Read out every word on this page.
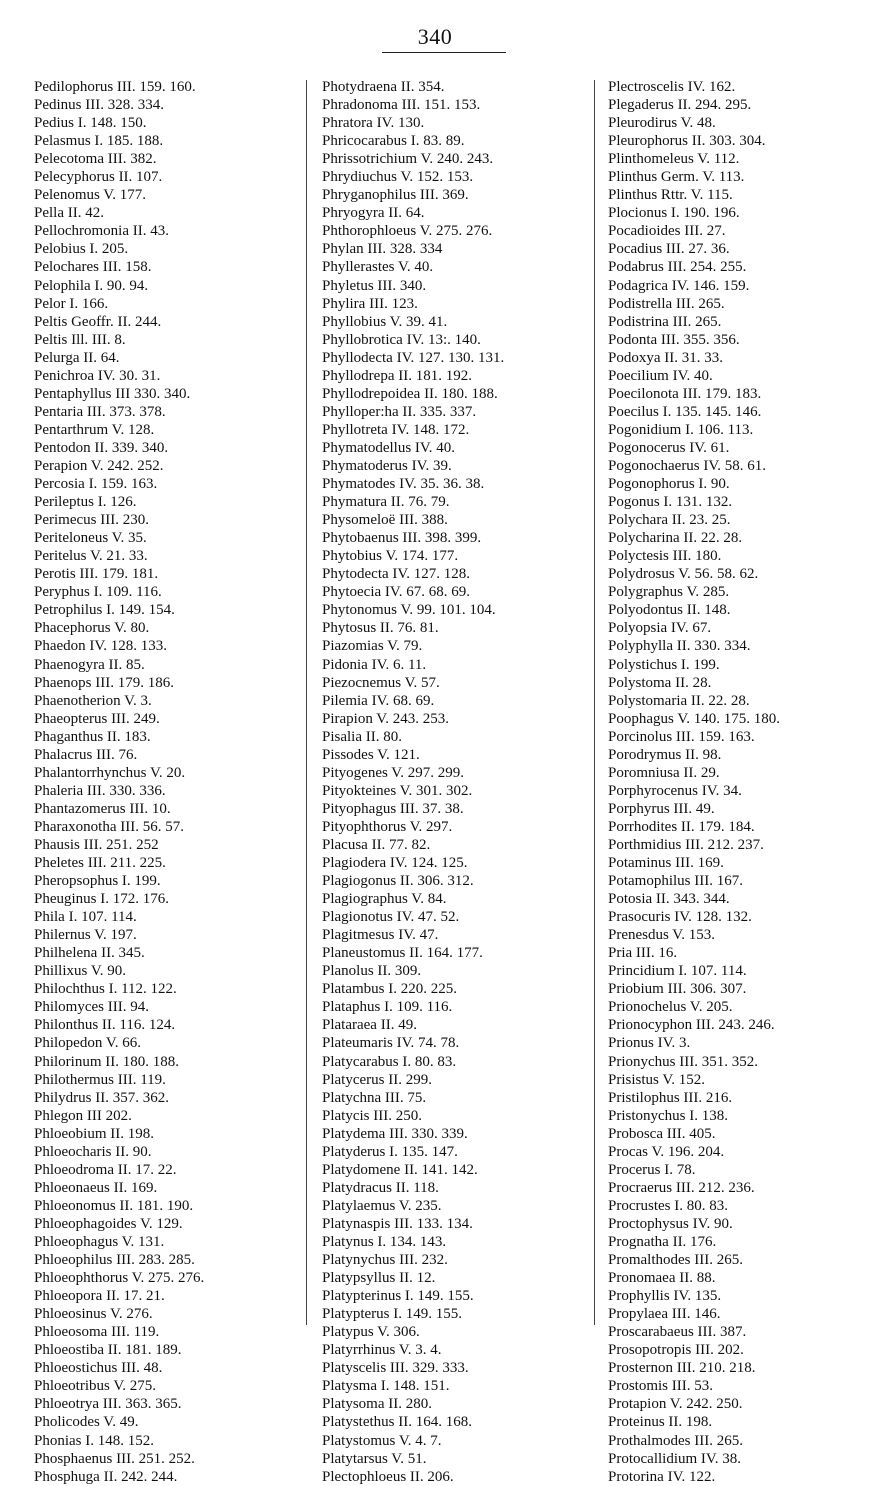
340
Pedilophorus III. 159. 160.
Pedinus III. 328. 334.
Pedius I. 148. 150.
Pelasmus I. 185. 188.
Pelecotoma III. 382.
Pelecyphorus II. 107.
Pelenomus V. 177.
Pella II. 42.
Pellochromonia II. 43.
Pelobius I. 205.
Pelochares III. 158.
Pelophila I. 90. 94.
Pelor I. 166.
Peltis Geoffr. II. 244.
Peltis Ill. III. 8.
Pelurga II. 64.
Penichroa IV. 30. 31.
Pentaphyllus III 330. 340.
Pentaria III. 373. 378.
Pentarthrum V. 128.
Pentodon II. 339. 340.
Perapion V. 242. 252.
Percosia I. 159. 163.
Perileptus I. 126.
Perimecus III. 230.
Periteloneus V. 35.
Peritelus V. 21. 33.
Perotis III. 179. 181.
Peryphus I. 109. 116.
Petrophilus I. 149. 154.
Phacephorus V. 80.
Phaedon IV. 128. 133.
Phaenogyra II. 85.
Phaenops III. 179. 186.
Phaenotherion V. 3.
Phaeopterus III. 249.
Phaganthus II. 183.
Phalacrus III. 76.
Phalantorrhynchus V. 20.
Phaleria III. 330. 336.
Phantazomerus III. 10.
Pharaxonotha III. 56. 57.
Phausis III. 251. 252
Pheletes III. 211. 225.
Pheropsophus I. 199.
Pheuginus I. 172. 176.
Phila I. 107. 114.
Philernus V. 197.
Philhelena II. 345.
Phillixus V. 90.
Philochthus I. 112. 122.
Philomyces III. 94.
Philonthus II. 116. 124.
Philopedon V. 66.
Philorinum II. 180. 188.
Philothermus III. 119.
Philydrus II. 357. 362.
Phlegon III 202.
Phloeobium II. 198.
Phloeocharis II. 90.
Phloeodroma II. 17. 22.
Phloeonaeus II. 169.
Phloeonomus II. 181. 190.
Phloeophagoides V. 129.
Phloeophagus V. 131.
Phloeophilus III. 283. 285.
Phloeophthorus V. 275. 276.
Phloeopora II. 17. 21.
Phloeosinus V. 276.
Phloeosoma III. 119.
Phloeostiba II. 181. 189.
Phloeostichus III. 48.
Phloeotribus V. 275.
Phloeotrya III. 363. 365.
Pholicodes V. 49.
Phonias I. 148. 152.
Phosphaenus III. 251. 252.
Phosphuga II. 242. 244.
Photydraena II. 354.
Phradonoma III. 151. 153.
Phratora IV. 130.
Phricocarabus I. 83. 89.
Phrissotrichium V. 240. 243.
Phrydiuchus V. 152. 153.
Phryganophilus III. 369.
Phryogyra II. 64.
Phthorophloeus V. 275. 276.
Phylan III. 328. 334
Phyllerastes V. 40.
Phyletus III. 340.
Phylira III. 123.
Phyllobius V. 39. 41.
Phyllobrotica IV. 13:. 140.
Phyllodecta IV. 127. 130. 131.
Phyllodrepa II. 181. 192.
Phyllodrepoidea II. 180. 188.
Phylloper:ha II. 335. 337.
Phyllotreta IV. 148. 172.
Phymatodellus IV. 40.
Phymatoderus IV. 39.
Phymatodes IV. 35. 36. 38.
Phymatura II. 76. 79.
Physomeloë III. 388.
Phytobaenus III. 398. 399.
Phytobius V. 174. 177.
Phytodecta IV. 127. 128.
Phytoecia IV. 67. 68. 69.
Phytonomus V. 99. 101. 104.
Phytosus II. 76. 81.
Piazomias V. 79.
Pidonia IV. 6. 11.
Piezocnemus V. 57.
Pilemia IV. 68. 69.
Pirapion V. 243. 253.
Pisalia II. 80.
Pissodes V. 121.
Pityogenes V. 297. 299.
Pityokteines V. 301. 302.
Pityophagus III. 37. 38.
Pityophthorus V. 297.
Placusa II. 77. 82.
Plagiodera IV. 124. 125.
Plagiogonus II. 306. 312.
Plagiographus V. 84.
Plagionotus IV. 47. 52.
Plagitmesus IV. 47.
Planeustomus II. 164. 177.
Planolus II. 309.
Platambus I. 220. 225.
Plataphus I. 109. 116.
Plataraea II. 49.
Plateumaris IV. 74. 78.
Platycarabus I. 80. 83.
Platycerus II. 299.
Platychna III. 75.
Platycis III. 250.
Platydema III. 330. 339.
Platyderus I. 135. 147.
Platydomene II. 141. 142.
Platydracus II. 118.
Platylaemus V. 235.
Platynaspis III. 133. 134.
Platynus I. 134. 143.
Platynychus III. 232.
Platypsyllus II. 12.
Platypterinus I. 149. 155.
Platypterus I. 149. 155.
Platypus V. 306.
Platyrrhinus V. 3. 4.
Platyscelis III. 329. 333.
Platysma I. 148. 151.
Platysoma II. 280.
Platystethus II. 164. 168.
Platystomus V. 4. 7.
Platytarsus V. 51.
Plectophloeus II. 206.
Plectroscelis IV. 162.
Plegaderus II. 294. 295.
Pleurodirus V. 48.
Pleurophorus II. 303. 304.
Plinthomeleus V. 112.
Plinthus Germ. V. 113.
Plinthus Rttr. V. 115.
Plocionus I. 190. 196.
Pocadioides III. 27.
Pocadius III. 27. 36.
Podabrus III. 254. 255.
Podagrica IV. 146. 159.
Podistrella III. 265.
Podistrina III. 265.
Podonta III. 355. 356.
Podoxya II. 31. 33.
Poecilium IV. 40.
Poecilonota III. 179. 183.
Poecilus I. 135. 145. 146.
Pogonidium I. 106. 113.
Pogonocerus IV. 61.
Pogonochaerus IV. 58. 61.
Pogonophorus I. 90.
Pogonus I. 131. 132.
Polychara II. 23. 25.
Polycharina II. 22. 28.
Polyctesis III. 180.
Polydrosus V. 56. 58. 62.
Polygraphus V. 285.
Polyodontus II. 148.
Polyopsia IV. 67.
Polyphylla II. 330. 334.
Polystichus I. 199.
Polystoma II. 28.
Polystomaria II. 22. 28.
Poophagus V. 140. 175. 180.
Porcinolus III. 159. 163.
Porodrymus II. 98.
Poromniusa II. 29.
Porphyrocenus IV. 34.
Porphyrus III. 49.
Porrhodites II. 179. 184.
Porthmidius III. 212. 237.
Potaminus III. 169.
Potamophilus III. 167.
Potosia II. 343. 344.
Prasocuris IV. 128. 132.
Prenesdus V. 153.
Pria III. 16.
Princidium I. 107. 114.
Priobium III. 306. 307.
Prionochelus V. 205.
Prionocyphon III. 243. 246.
Prionus IV. 3.
Prionychus III. 351. 352.
Prisistus V. 152.
Pristilophus III. 216.
Pristonychus I. 138.
Probosca III. 405.
Procas V. 196. 204.
Procerus I. 78.
Procraerus III. 212. 236.
Procrustes I. 80. 83.
Proctophysus IV. 90.
Prognatha II. 176.
Promalthodes III. 265.
Pronomaea II. 88.
Prophyllis IV. 135.
Propylaea III. 146.
Proscarabaeus III. 387.
Prosopotropis III. 202.
Prosternon III. 210. 218.
Prostomis III. 53.
Protapion V. 242. 250.
Proteinus II. 198.
Prothalmodes III. 265.
Protocallidium IV. 38.
Protorina IV. 122.
